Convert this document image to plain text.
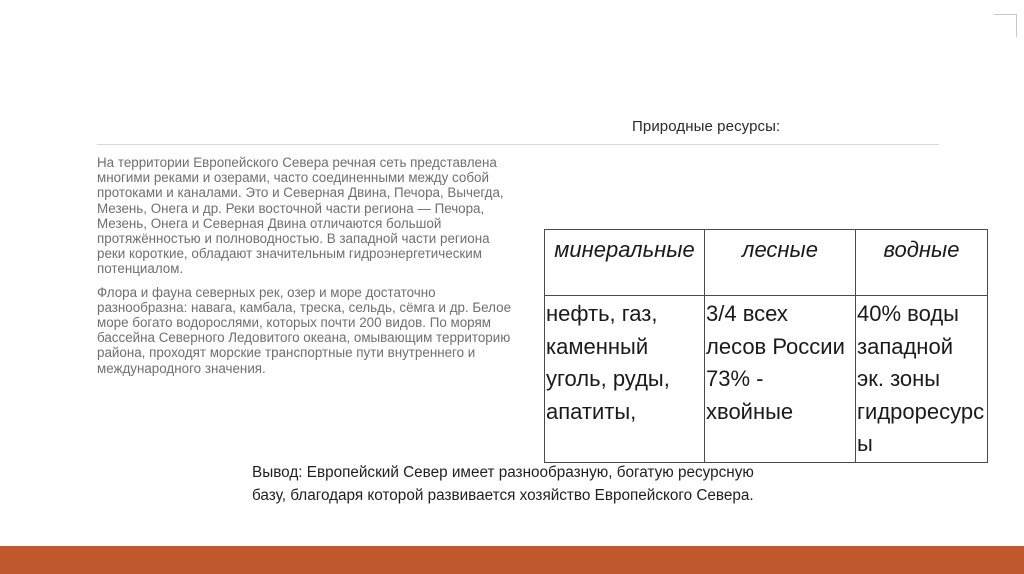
Природные ресурсы:

На территории Европейского Севера речная сеть представлена многими реками и озерами, часто соединенными между собой протоками и каналами. Это и Северная Двина, Печора, Вычегда, Мезень, Онега и др. Реки восточной части региона — Печора, Мезень, Онега и Северная Двина отличаются большой протяжённостью и полноводностью. В западной части региона реки короткие, обладают значительным гидроэнергетическим потенциалом.

Флора и фауна северных рек, озер и море достаточно разнообразна: навага, камбала, треска, сельдь, сёмга и др. Белое море богато водорослями, которых почти 200 видов. По морям бассейна Северного Ледовитого океана, омывающим территорию района, проходят морские транспортные пути внутреннего и международного значения.

минеральные	лесные	водные
нефть, газ, каменный уголь, руды, апатиты,	3/4 всех лесов России 73% - хвойные	40% воды западной эк. зоны гидроресурсы
Вывод: Европейский Север имеет разнообразную, богатую ресурсную базу, благодаря которой развивается хозяйство Европейского Севера.
